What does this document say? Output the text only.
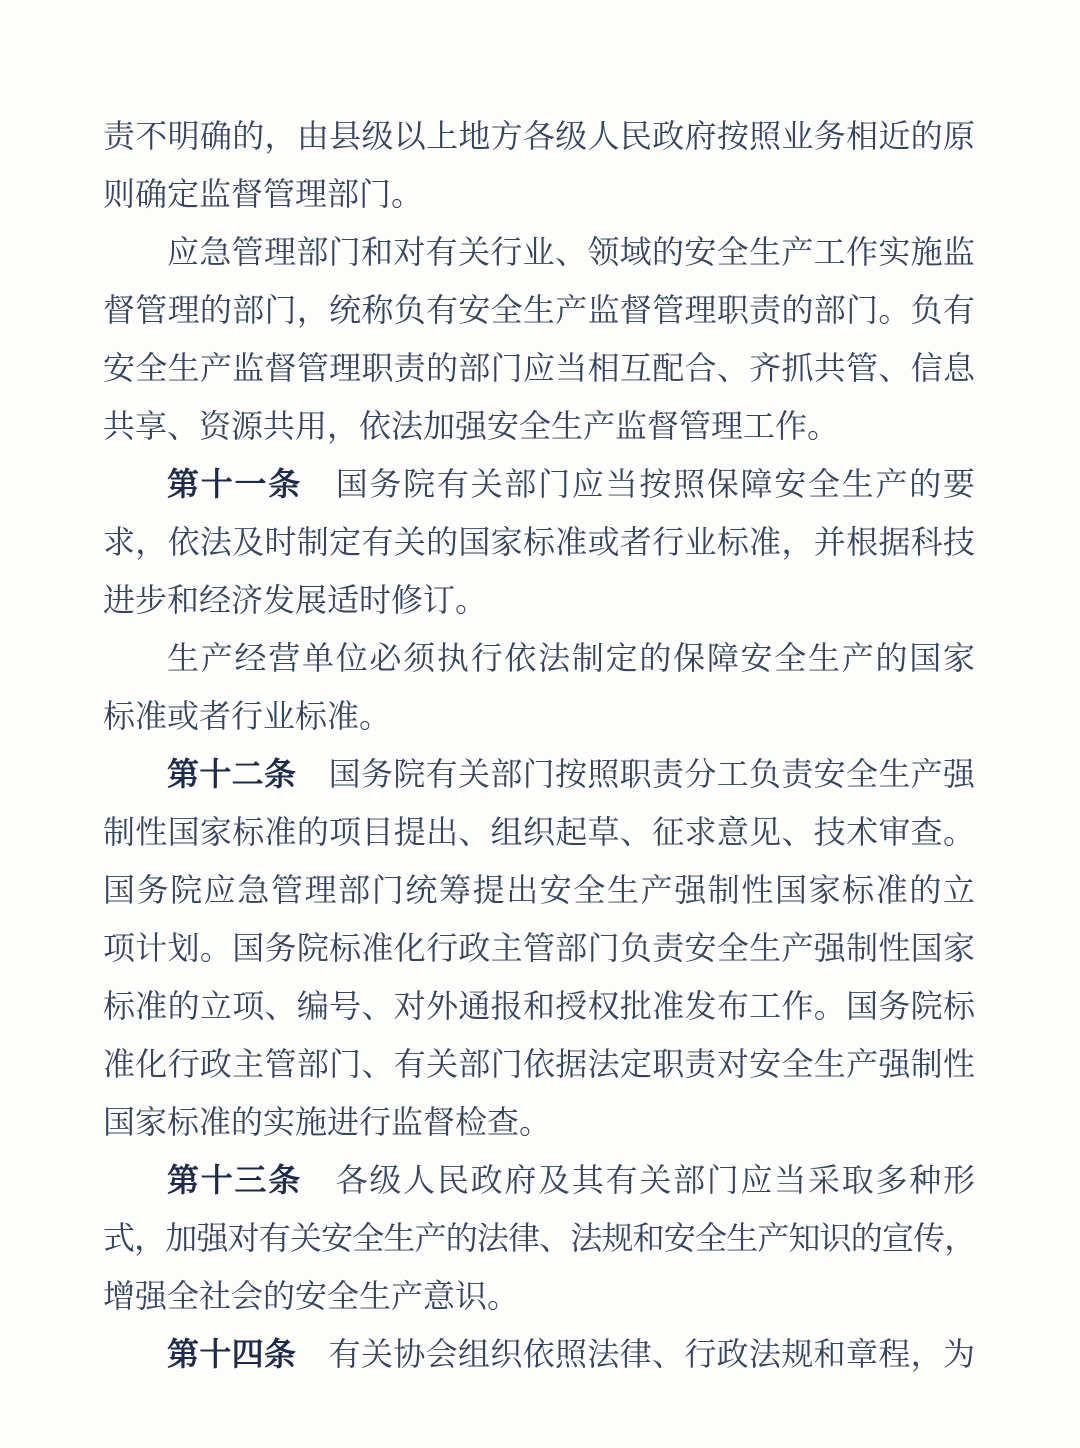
责不明确的，由县级以上地方各级人民政府按照业务相近的原
则确定监督管理部门。
应急管理部门和对有关行业、领域的安全生产工作实施监
督管理的部门，统称负有安全生产监督管理职责的部门。负有
安全生产监督管理职责的部门应当相互配合、齐抓共管、信息
共享、资源共用，依法加强安全生产监督管理工作。
第十一条　国务院有关部门应当按照保障安全生产的要
求，依法及时制定有关的国家标准或者行业标准，并根据科技
进步和经济发展适时修订。
生产经营单位必须执行依法制定的保障安全生产的国家
标准或者行业标准。
第十二条　国务院有关部门按照职责分工负责安全生产强
制性国家标准的项目提出、组织起草、征求意见、技术审查。
国务院应急管理部门统筹提出安全生产强制性国家标准的立
项计划。国务院标准化行政主管部门负责安全生产强制性国家
标准的立项、编号、对外通报和授权批准发布工作。国务院标
准化行政主管部门、有关部门依据法定职责对安全生产强制性
国家标准的实施进行监督检查。
第十三条　各级人民政府及其有关部门应当采取多种形
式，加强对有关安全生产的法律、法规和安全生产知识的宣传，
增强全社会的安全生产意识。
第十四条　有关协会组织依照法律、行政法规和章程，为
